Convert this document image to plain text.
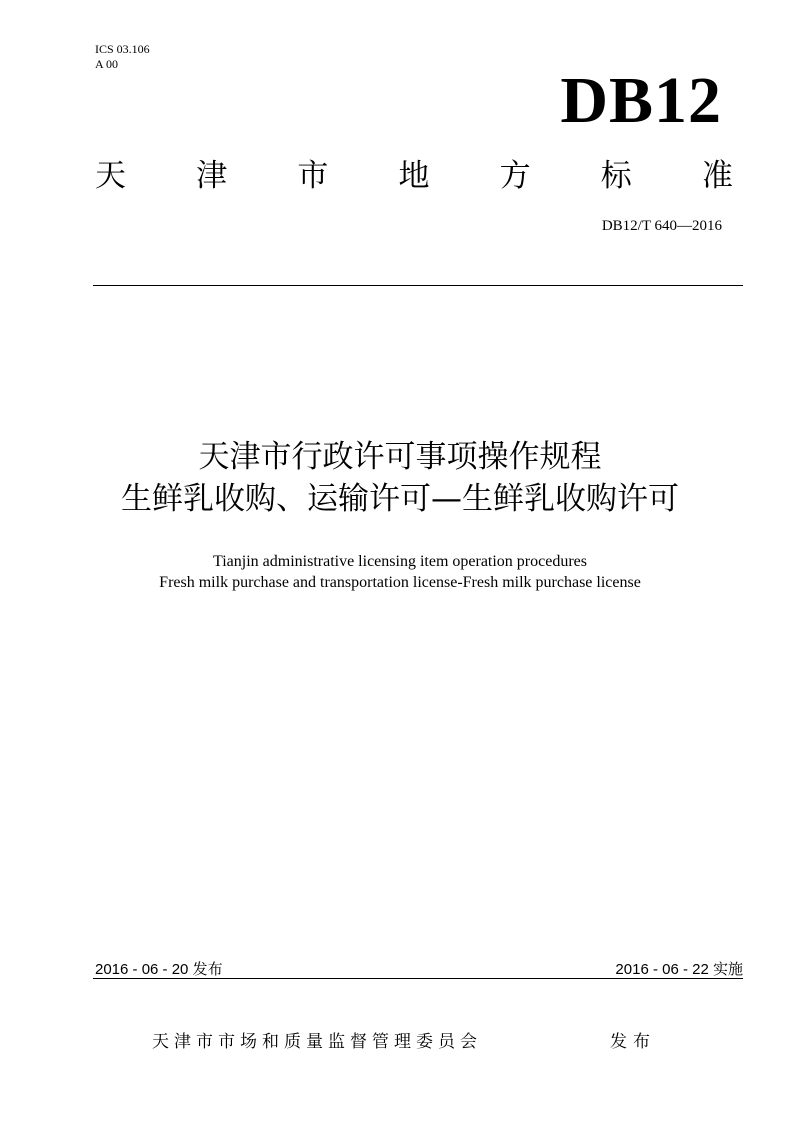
ICS 03.106
A 00	DB12
天 津 市 地 方 标 准
DB12/T 640—2016
天津市行政许可事项操作规程
生鲜乳收购、运输许可—生鲜乳收购许可
Tianjin administrative licensing item operation procedures
Fresh milk purchase and transportation license-Fresh milk purchase license
2016 - 06 - 20 发布	2016 - 06 - 22 实施
天津市市场和质量监督管理委员会	发布
